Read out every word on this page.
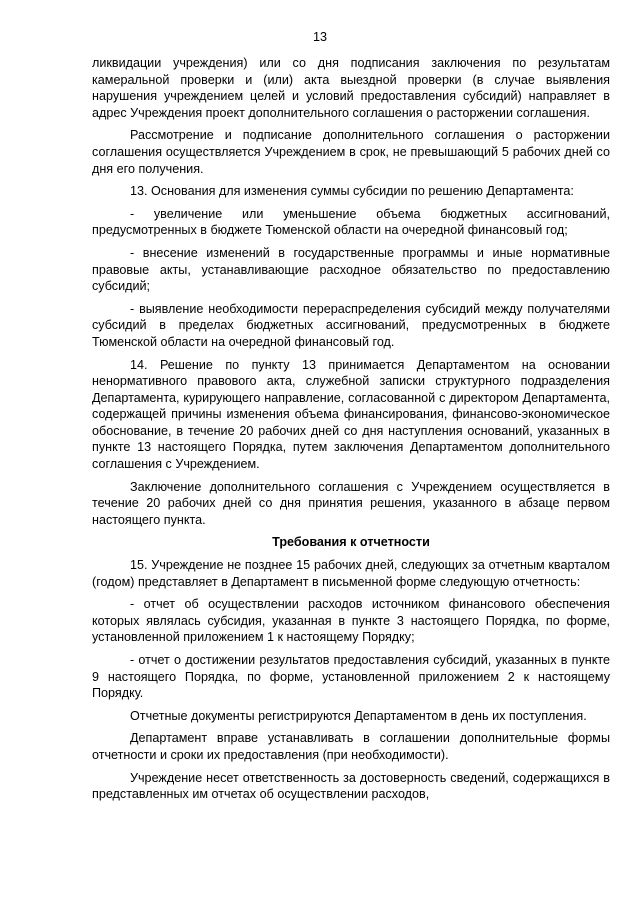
13

ликвидации учреждения) или со дня подписания заключения по результатам камеральной проверки и (или) акта выездной проверки (в случае выявления нарушения учреждением целей и условий предоставления субсидий) направляет в адрес Учреждения проект дополнительного соглашения о расторжении соглашения.

Рассмотрение и подписание дополнительного соглашения о расторжении соглашения осуществляется Учреждением в срок, не превышающий 5 рабочих дней со дня его получения.

13. Основания для изменения суммы субсидии по решению Департамента:

- увеличение или уменьшение объема бюджетных ассигнований, предусмотренных в бюджете Тюменской области на очередной финансовый год;

- внесение изменений в государственные программы и иные нормативные правовые акты, устанавливающие расходное обязательство по предоставлению субсидий;

- выявление необходимости перераспределения субсидий между получателями субсидий в пределах бюджетных ассигнований, предусмотренных в бюджете Тюменской области на очередной финансовый год.

14. Решение по пункту 13 принимается Департаментом на основании ненормативного правового акта, служебной записки структурного подразделения Департамента, курирующего направление, согласованной с директором Департамента, содержащей причины изменения объема финансирования, финансово-экономическое обоснование, в течение 20 рабочих дней со дня наступления оснований, указанных в пункте 13 настоящего Порядка, путем заключения Департаментом дополнительного соглашения с Учреждением.

Заключение дополнительного соглашения с Учреждением осуществляется в течение 20 рабочих дней со дня принятия решения, указанного в абзаце первом настоящего пункта.

Требования к отчетности

15. Учреждение не позднее 15 рабочих дней, следующих за отчетным кварталом (годом) представляет в Департамент в письменной форме следующую отчетность:

- отчет об осуществлении расходов источником финансового обеспечения которых являлась субсидия, указанная в пункте 3 настоящего Порядка, по форме, установленной приложением 1 к настоящему Порядку;

- отчет о достижении результатов предоставления субсидий, указанных в пункте 9 настоящего Порядка, по форме, установленной приложением 2 к настоящему Порядку.

Отчетные документы регистрируются Департаментом в день их поступления.

Департамент вправе устанавливать в соглашении дополнительные формы отчетности и сроки их предоставления (при необходимости).

Учреждение несет ответственность за достоверность сведений, содержащихся в представленных им отчетах об осуществлении расходов,
